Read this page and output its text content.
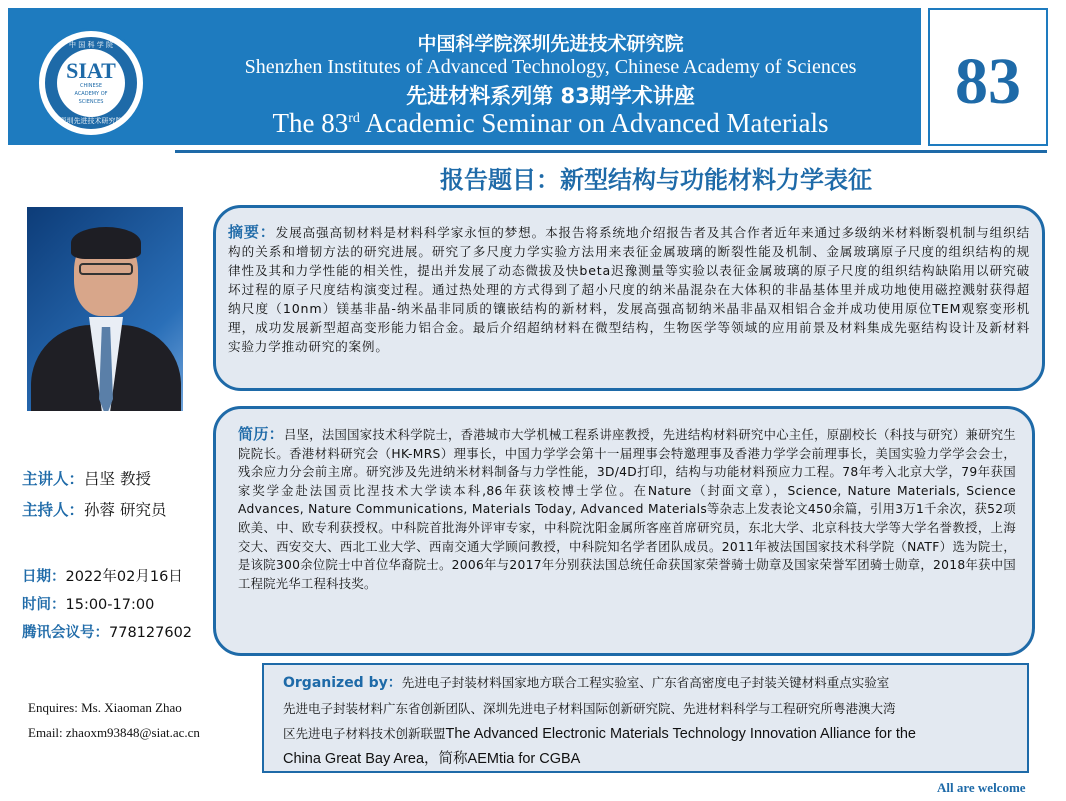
中 国 科 学 院
深圳先进技术研究院
SIAT
CHINESE
ACADEMY OF
SCIENCES
中国科学院深圳先进技术研究院
Shenzhen Institutes of Advanced Technology, Chinese Academy of Sciences
先进材料系列第 83期学术讲座
The 83rd Academic Seminar on Advanced Materials
83
报告题目：新型结构与功能材料力学表征

摘要：发展高强高韧材料是材料科学家永恒的梦想。本报告将系统地介绍报告者及其合作者近年来通过多级纳米材料断裂机制与组织结构的关系和增韧方法的研究进展。研究了多尺度力学实验方法用来表征金属玻璃的断裂性能及机制、金属玻璃原子尺度的组织结构的规律性及其和力学性能的相关性，提出并发展了动态微拔及快beta迟豫测量等实验以表征金属玻璃的原子尺度的组织结构缺陷用以研究破坏过程的原子尺度结构演变过程。通过热处理的方式得到了超小尺度的纳米晶混杂在大体积的非晶基体里并成功地使用磁控溅射获得超纳尺度（10nm）镁基非晶-纳米晶非同质的镶嵌结构的新材料，发展高强高韧纳米晶非晶双相铝合金并成功使用原位TEM观察变形机理，成功发展新型超高变形能力铝合金。最后介绍超纳材料在微型结构，生物医学等领域的应用前景及材料集成先驱结构设计及新材料实验力学推动研究的案例。

简历：吕坚，法国国家技术科学院士，香港城市大学机械工程系讲座教授，先进结构材料研究中心主任，原副校长（科技与研究）兼研究生院院长。香港材料研究会（HK-MRS）理事长，中国力学学会第十一届理事会特邀理事及香港力学学会前理事长，美国实验力学学会会士，残余应力分会前主席。研究涉及先进纳米材料制备与力学性能，3D/4D打印，结构与功能材料预应力工程。78年考入北京大学，79年获国家奖学金赴法国贡比涅技术大学读本科,86年获该校博士学位。在Nature（封面文章），Science, Nature Materials, Science Advances, Nature Communications, Materials Today, Advanced Materials等杂志上发表论文450余篇，引用3万1千余次，获52项欧美、中、欧专利获授权。中科院首批海外评审专家，中科院沈阳金属所客座首席研究员，东北大学、北京科技大学等大学名誉教授，上海交大、西安交大、西北工业大学、西南交通大学顾问教授，中科院知名学者团队成员。2011年被法国国家技术科学院（NATF）选为院士，是该院300余位院士中首位华裔院士。2006年与2017年分别获法国总统任命获国家荣誉骑士勋章及国家荣誉军团骑士勋章，2018年获中国工程院光华工程科技奖。

主讲人：吕坚 教授
主持人：孙蓉 研究员
日期：2022年02月16日
时间：15:00-17:00
腾讯会议号：778127602
Enquires: Ms. Xiaoman Zhao
Email: zhaoxm93848@siat.ac.cn
Organized by：先进电子封装材料国家地方联合工程实验室、广东省高密度电子封装关键材料重点实验室
先进电子封装材料广东省创新团队、深圳先进电子材料国际创新研究院、先进材料科学与工程研究所粤港澳大湾
区先进电子材料技术创新联盟The Advanced Electronic Materials Technology Innovation Alliance for the
China Great Bay Area，简称AEMtia for CGBA
All are welcome
